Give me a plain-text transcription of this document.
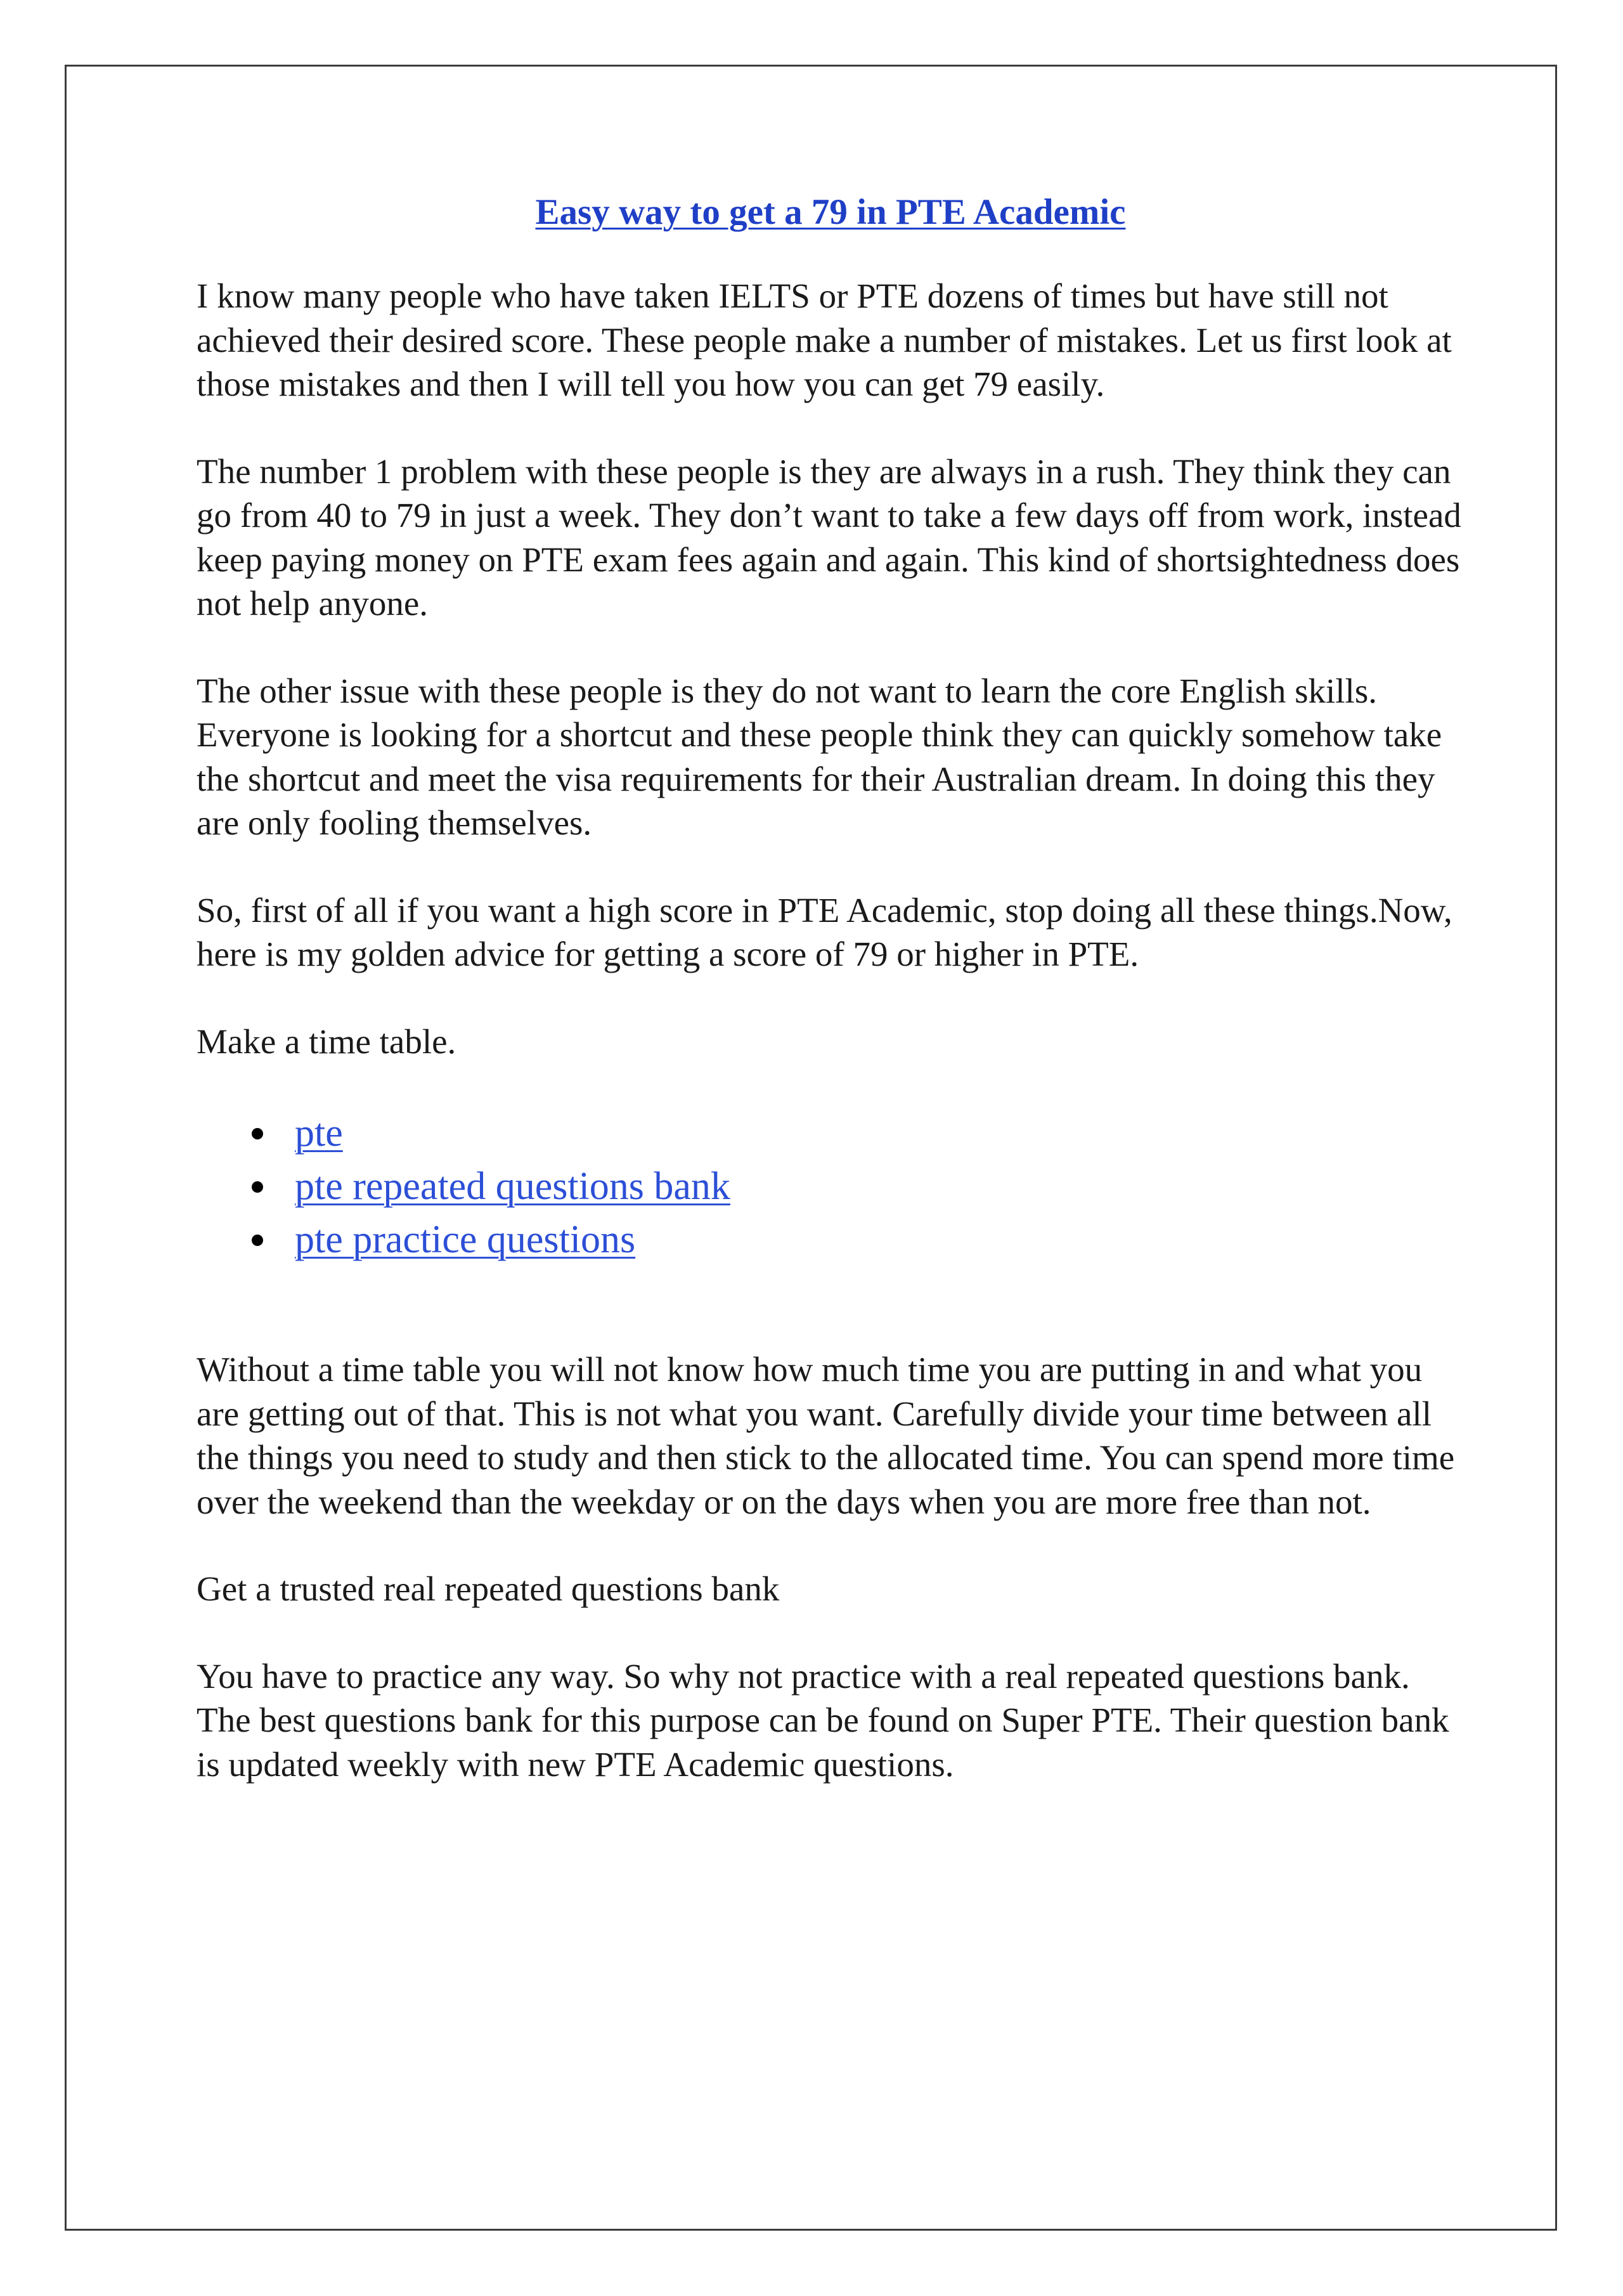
Easy way to get a 79 in PTE Academic

I know many people who have taken IELTS or PTE dozens of times but have still not achieved their desired score. These people make a number of mistakes. Let us first look at those mistakes and then I will tell you how you can get 79 easily.

The number 1 problem with these people is they are always in a rush. They think they can go from 40 to 79 in just a week. They don’t want to take a few days off from work, instead keep paying money on PTE exam fees again and again. This kind of shortsightedness does not help anyone.

The other issue with these people is they do not want to learn the core English skills. Everyone is looking for a shortcut and these people think they can quickly somehow take the shortcut and meet the visa requirements for their Australian dream. In doing this they are only fooling themselves.

So, first of all if you want a high score in PTE Academic, stop doing all these things.Now, here is my golden advice for getting a score of 79 or higher in PTE.

Make a time table.

pte
pte repeated questions bank
pte practice questions

Without a time table you will not know how much time you are putting in and what you are getting out of that. This is not what you want. Carefully divide your time between all the things you need to study and then stick to the allocated time. You can spend more time over the weekend than the weekday or on the days when you are more free than not.

Get a trusted real repeated questions bank

You have to practice any way. So why not practice with a real repeated questions bank. The best questions bank for this purpose can be found on Super PTE. Their question bank is updated weekly with new PTE Academic questions.
